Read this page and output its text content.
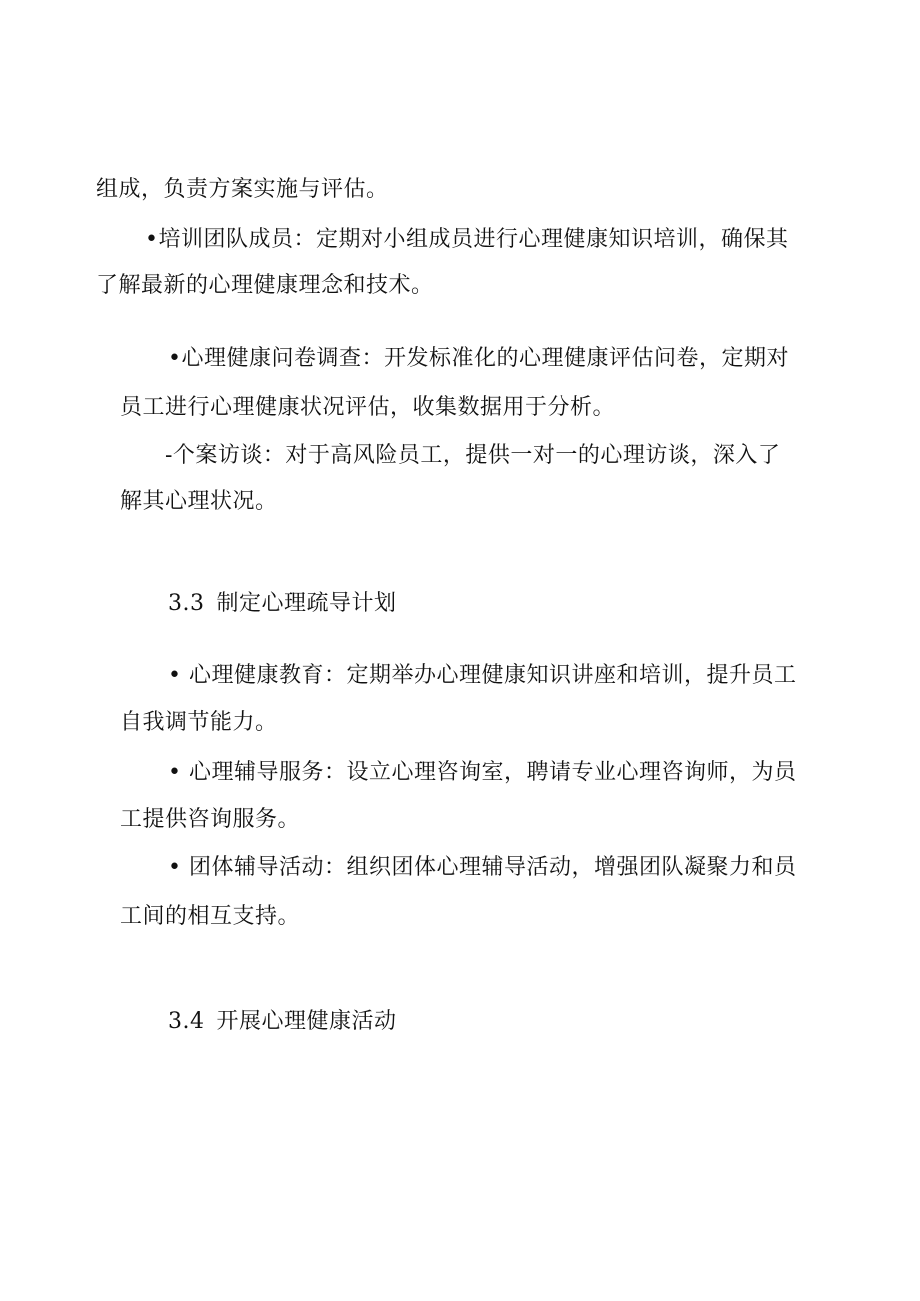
组成，负责方案实施与评估。
•培训团队成员：定期对小组成员进行心理健康知识培训，确保其
了解最新的心理健康理念和技术。
•心理健康问卷调查：开发标准化的心理健康评估问卷，定期对
员工进行心理健康状况评估，收集数据用于分析。
-个案访谈：对于高风险员工，提供一对一的心理访谈，深入了
解其心理状况。
3.3 制定心理疏导计划
• 心理健康教育：定期举办心理健康知识讲座和培训，提升员工
自我调节能力。
• 心理辅导服务：设立心理咨询室，聘请专业心理咨询师，为员
工提供咨询服务。
• 团体辅导活动：组织团体心理辅导活动，增强团队凝聚力和员
工间的相互支持。
3.4 开展心理健康活动
